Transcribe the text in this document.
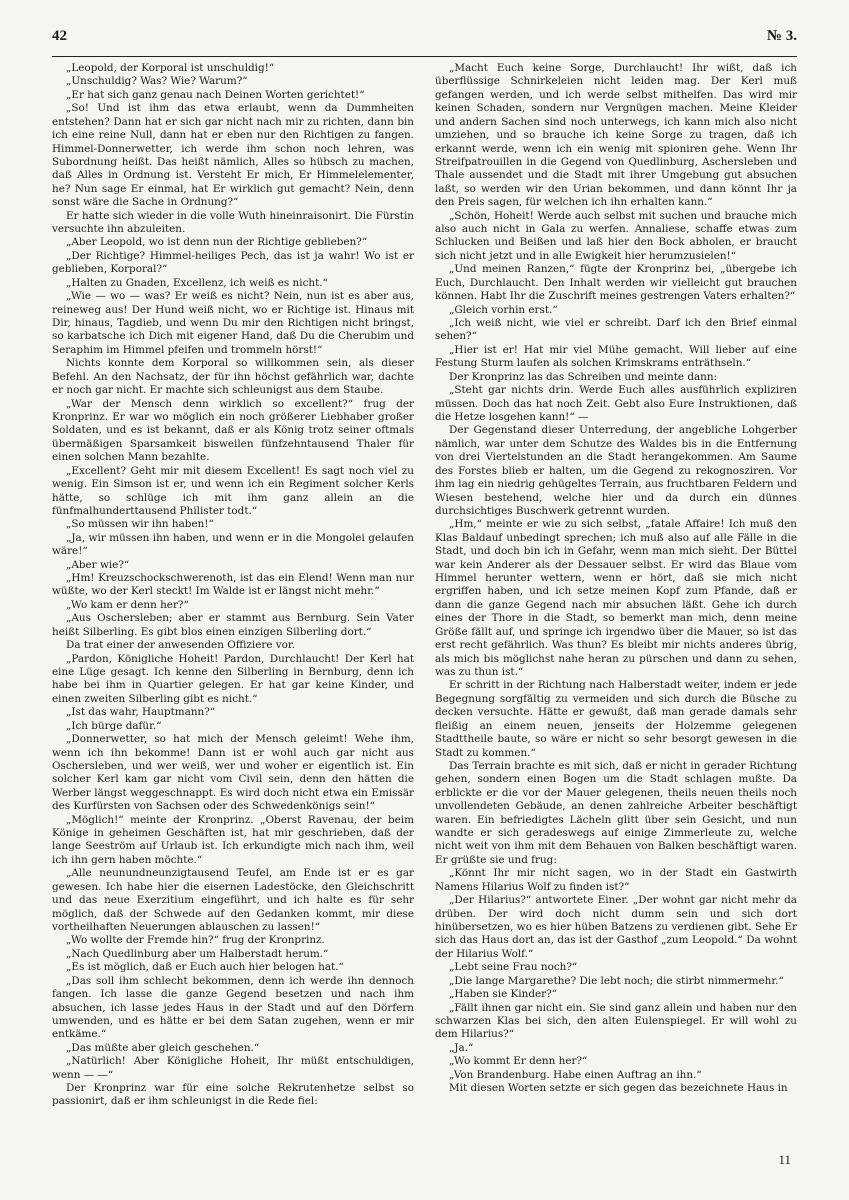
42	№ 3.

„Leopold, der Korporal ist unschuldig!“

„Unschuldig? Was? Wie? Warum?“

„Er hat sich ganz genau nach Deinen Worten gerichtet!“

„So! Und ist ihm das etwa erlaubt, wenn da Dummheiten entstehen? Dann hat er sich gar nicht nach mir zu richten, dann bin ich eine reine Null, dann hat er eben nur den Richtigen zu fangen. Himmel-Donnerwetter, ich werde ihm schon noch lehren, was Subordnung heißt. Das heißt nämlich, Alles so hübsch zu machen, daß Alles in Ordnung ist. Versteht Er mich, Er Himmelelementer, he? Nun sage Er einmal, hat Er wirklich gut gemacht? Nein, denn sonst wäre die Sache in Ordnung?“

Er hatte sich wieder in die volle Wuth hineinraisonirt. Die Fürstin versuchte ihn abzuleiten.

„Aber Leopold, wo ist denn nun der Richtige geblieben?“

„Der Richtige? Himmel-heiliges Pech, das ist ja wahr! Wo ist er geblieben, Korporal?“

„Halten zu Gnaden, Excellenz, ich weiß es nicht.“

„Wie — wo — was? Er weiß es nicht? Nein, nun ist es aber aus, reineweg aus! Der Hund weiß nicht, wo er Richtige ist. Hinaus mit Dir, hinaus, Tagdieb, und wenn Du mir den Richtigen nicht bringst, so karbatsche ich Dich mit eigener Hand, daß Du die Cherubim und Seraphim im Himmel pfeifen und trommeln hörst!“

Nichts konnte dem Korporal so willkommen sein, als dieser Befehl. An den Nachsatz, der für ihn höchst gefährlich war, dachte er noch gar nicht. Er machte sich schleunigst aus dem Staube.

„War der Mensch denn wirklich so excellent?“ frug der Kronprinz. Er war wo möglich ein noch größerer Liebhaber großer Soldaten, und es ist bekannt, daß er als König trotz seiner oftmals übermäßigen Sparsamkeit bisweilen fünfzehntausend Thaler für einen solchen Mann bezahlte.

„Excellent? Geht mir mit diesem Excellent! Es sagt noch viel zu wenig. Ein Simson ist er, und wenn ich ein Regiment solcher Kerls hätte, so schlüge ich mit ihm ganz allein an die fünfmalhunderttausend Philister todt.“

„So müssen wir ihn haben!“

„Ja, wir müssen ihn haben, und wenn er in die Mongolei gelaufen wäre!“

„Aber wie?“

„Hm! Kreuzschockschwerenoth, ist das ein Elend! Wenn man nur wüßte, wo der Kerl steckt! Im Walde ist er längst nicht mehr.“

„Wo kam er denn her?“

„Aus Oschersleben; aber er stammt aus Bernburg. Sein Vater heißt Silberling. Es gibt blos einen einzigen Silberling dort.“

Da trat einer der anwesenden Offiziere vor.

„Pardon, Königliche Hoheit! Pardon, Durchlaucht! Der Kerl hat eine Lüge gesagt. Ich kenne den Silberling in Bernburg, denn ich habe bei ihm in Quartier gelegen. Er hat gar keine Kinder, und einen zweiten Silberling gibt es nicht.“

„Ist das wahr, Hauptmann?“

„Ich bürge dafür.“

„Donnerwetter, so hat mich der Mensch geleimt! Wehe ihm, wenn ich ihn bekomme! Dann ist er wohl auch gar nicht aus Oschersleben, und wer weiß, wer und woher er eigentlich ist. Ein solcher Kerl kam gar nicht vom Civil sein, denn den hätten die Werber längst weggeschnappt. Es wird doch nicht etwa ein Emissär des Kurfürsten von Sachsen oder des Schwedenkönigs sein!“

„Möglich!“ meinte der Kronprinz. „Oberst Ravenau, der beim Könige in geheimen Geschäften ist, hat mir geschrieben, daß der lange Seeström auf Urlaub ist. Ich erkundigte mich nach ihm, weil ich ihn gern haben möchte.“

„Alle neunundneunzigtausend Teufel, am Ende ist er es gar gewesen. Ich habe hier die eisernen Ladestöcke, den Gleichschritt und das neue Exerzitium eingeführt, und ich halte es für sehr möglich, daß der Schwede auf den Gedanken kommt, mir diese vortheilhaften Neuerungen ablauschen zu lassen!“

„Wo wollte der Fremde hin?“ frug der Kronprinz.

„Nach Quedlinburg aber um Halberstadt herum.“

„Es ist möglich, daß er Euch auch hier belogen hat.“

„Das soll ihm schlecht bekommen, denn ich werde ihn dennoch fangen. Ich lasse die ganze Gegend besetzen und nach ihm absuchen, ich lasse jedes Haus in der Stadt und auf den Dörfern umwenden, und es hätte er bei dem Satan zugehen, wenn er mir entkäme.“

„Das müßte aber gleich geschehen.“

„Natürlich! Aber Königliche Hoheit, Ihr müßt entschuldigen, wenn — —“

Der Kronprinz war für eine solche Rekrutenhetze selbst so passionirt, daß er ihm schleunigst in die Rede fiel:

„Macht Euch keine Sorge, Durchlaucht! Ihr wißt, daß ich überflüssige Schnirkeleien nicht leiden mag. Der Kerl muß gefangen werden, und ich werde selbst mithelfen. Das wird mir keinen Schaden, sondern nur Vergnügen machen. Meine Kleider und andern Sachen sind noch unterwegs, ich kann mich also nicht umziehen, und so brauche ich keine Sorge zu tragen, daß ich erkannt werde, wenn ich ein wenig mit spioniren gehe. Wenn Ihr Streifpatrouillen in die Gegend von Quedlinburg, Aschersleben und Thale aussendet und die Stadt mit ihrer Umgebung gut absuchen laßt, so werden wir den Urian bekommen, und dann könnt Ihr ja den Preis sagen, für welchen ich ihn erhalten kann.“

„Schön, Hoheit! Werde auch selbst mit suchen und brauche mich also auch nicht in Gala zu werfen. Annaliese, schaffe etwas zum Schlucken und Beißen und laß hier den Bock abholen, er braucht sich nicht jetzt und in alle Ewigkeit hier herumzusielen!“

„Und meinen Ranzen,“ fügte der Kronprinz bei, „übergebe ich Euch, Durchlaucht. Den Inhalt werden wir vielleicht gut brauchen können. Habt Ihr die Zuschrift meines gestrengen Vaters erhalten?“

„Gleich vorhin erst.“

„Ich weiß nicht, wie viel er schreibt. Darf ich den Brief einmal sehen?“

„Hier ist er! Hat mir viel Mühe gemacht. Will lieber auf eine Festung Sturm laufen als solchen Krimskrams enträthseln.“

Der Kronprinz las das Schreiben und meinte dann:

„Steht gar nichts drin. Werde Euch alles ausführlich expliziren müssen. Doch das hat noch Zeit. Gebt also Eure Instruktionen, daß die Hetze losgehen kann!“ —

Der Gegenstand dieser Unterredung, der angebliche Lohgerber nämlich, war unter dem Schutze des Waldes bis in die Entfernung von drei Viertelstunden an die Stadt herangekommen. Am Saume des Forstes blieb er halten, um die Gegend zu rekognosziren. Vor ihm lag ein niedrig gehügeltes Terrain, aus fruchtbaren Feldern und Wiesen bestehend, welche hier und da durch ein dünnes durchsichtiges Buschwerk getrennt wurden.

„Hm,“ meinte er wie zu sich selbst, „fatale Affaire! Ich muß den Klas Baldauf unbedingt sprechen; ich muß also auf alle Fälle in die Stadt, und doch bin ich in Gefahr, wenn man mich sieht. Der Büttel war kein Anderer als der Dessauer selbst. Er wird das Blaue vom Himmel herunter wettern, wenn er hört, daß sie mich nicht ergriffen haben, und ich setze meinen Kopf zum Pfande, daß er dann die ganze Gegend nach mir absuchen läßt. Gehe ich durch eines der Thore in die Stadt, so bemerkt man mich, denn meine Größe fällt auf, und springe ich irgendwo über die Mauer, so ist das erst recht gefährlich. Was thun? Es bleibt mir nichts anderes übrig, als mich bis möglichst nahe heran zu pürschen und dann zu sehen, was zu thun ist.“

Er schritt in der Richtung nach Halberstadt weiter, indem er jede Begegnung sorgfältig zu vermeiden und sich durch die Büsche zu decken versuchte. Hätte er gewußt, daß man gerade damals sehr fleißig an einem neuen, jenseits der Holzemme gelegenen Stadttheile baute, so wäre er nicht so sehr besorgt gewesen in die Stadt zu kommen.“

Das Terrain brachte es mit sich, daß er nicht in gerader Richtung gehen, sondern einen Bogen um die Stadt schlagen mußte. Da erblickte er die vor der Mauer gelegenen, theils neuen theils noch unvollendeten Gebäude, an denen zahlreiche Arbeiter beschäftigt waren. Ein befriedigtes Lächeln glitt über sein Gesicht, und nun wandte er sich geradeswegs auf einige Zimmerleute zu, welche nicht weit von ihm mit dem Behauen von Balken beschäftigt waren. Er grüßte sie und frug:

„Könnt Ihr mir nicht sagen, wo in der Stadt ein Gastwirth Namens Hilarius Wolf zu finden ist?“

„Der Hilarius?“ antwortete Einer. „Der wohnt gar nicht mehr da drüben. Der wird doch nicht dumm sein und sich dort hinübersetzen, wo es hier hüben Batzens zu verdienen gibt. Sehe Er sich das Haus dort an, das ist der Gasthof „zum Leopold.“ Da wohnt der Hilarius Wolf.“

„Lebt seine Frau noch?“

„Die lange Margarethe? Die lebt noch; die stirbt nimmermehr.“

„Haben sie Kinder?“

„Fällt ihnen gar nicht ein. Sie sind ganz allein und haben nur den schwarzen Klas bei sich, den alten Eulenspiegel. Er will wohl zu dem Hilarius?“

„Ja.“

„Wo kommt Er denn her?“

„Von Brandenburg. Habe einen Auftrag an ihn.“

Mit diesen Worten setzte er sich gegen das bezeichnete Haus in

11
